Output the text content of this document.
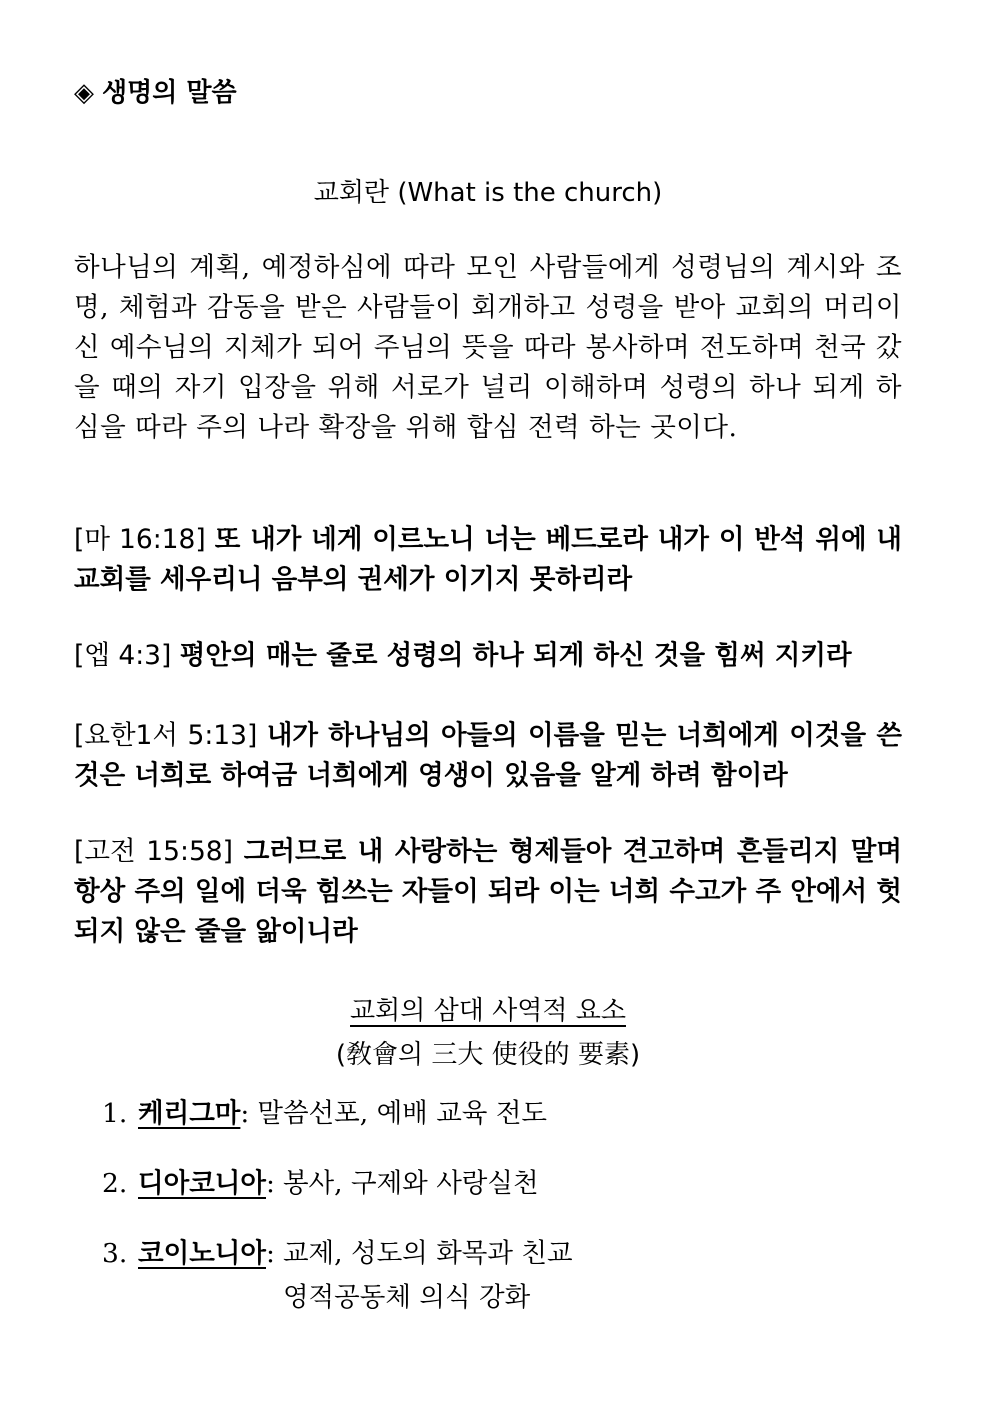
◈ 생명의 말씀
교회란 (What is the church)
하나님의 계획, 예정하심에 따라 모인 사람들에게 성령님의 계시와 조명, 체험과 감동을 받은 사람들이 회개하고 성령을 받아 교회의 머리이신 예수님의 지체가 되어 주님의 뜻을 따라 봉사하며 전도하며 천국 갔을 때의 자기 입장을 위해 서로가 널리 이해하며 성령의 하나 되게 하심을 따라 주의 나라 확장을 위해 합심 전력 하는 곳이다.
[마 16:18] 또 내가 네게 이르노니 너는 베드로라 내가 이 반석 위에 내 교회를 세우리니 음부의 권세가 이기지 못하리라
[엡 4:3] 평안의 매는 줄로 성령의 하나 되게 하신 것을 힘써 지키라
[요한1서 5:13] 내가 하나님의 아들의 이름을 믿는 너희에게 이것을 쓴 것은 너희로 하여금 너희에게 영생이 있음을 알게 하려 함이라
[고전 15:58] 그러므로 내 사랑하는 형제들아 견고하며 흔들리지 말며 항상 주의 일에 더욱 힘쓰는 자들이 되라 이는 너희 수고가 주 안에서 헛되지 않은 줄을 앎이니라
교회의 삼대 사역적 요소
(敎會의 三大 使役的 要素)
1. 케리그마 : 말씀선포, 예배 교육 전도
2. 디아코니아 : 봉사, 구제와 사랑실천
3. 코이노니아 : 교제, 성도의 화목과 친교
영적공동체 의식 강화
